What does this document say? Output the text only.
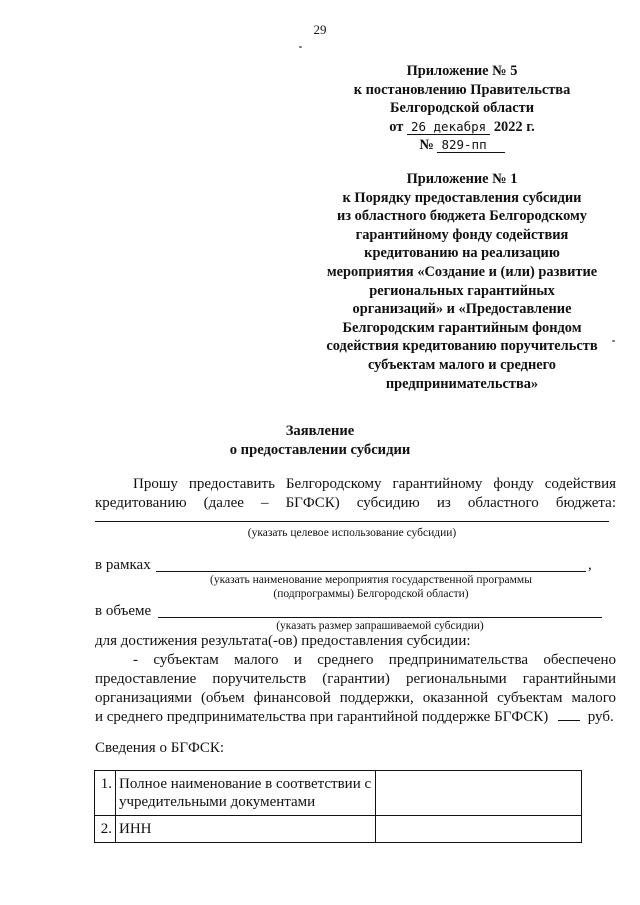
29
Приложение № 5
к постановлению Правительства
Белгородской области
от 26 декабря 2022 г.
№ 829-пп
Приложение № 1
к Порядку предоставления субсидии
из областного бюджета Белгородскому
гарантийному фонду содействия
кредитованию на реализацию
мероприятия «Создание и (или) развитие
региональных гарантийных
организаций» и «Предоставление
Белгородским гарантийным фондом
содействия кредитованию поручительств
субъектам малого и среднего
предпринимательства»
Заявление
о предоставлении субсидии
Прошу предоставить Белгородскому гарантийному фонду содействия
кредитованию (далее – БГФСК) субсидию из областного бюджета:
(указать целевое использование субсидии)
в рамках	,
(указать наименование мероприятия государственной программы
(подпрограммы) Белгородской области)
в объеме
(указать размер запрашиваемой субсидии)
для достижения результата(-ов) предоставления субсидии:
- субъектам малого и среднего предпринимательства обеспечено
предоставление поручительств (гарантии) региональными гарантийными
организациями (объем финансовой поддержки, оказанной субъектам малого
и среднего предпринимательства при гарантийной поддержке БГФСК)	руб.
Сведения о БГФСК:
1.	Полное наименование в соответствии с учредительными документами	
2.	ИНН	
